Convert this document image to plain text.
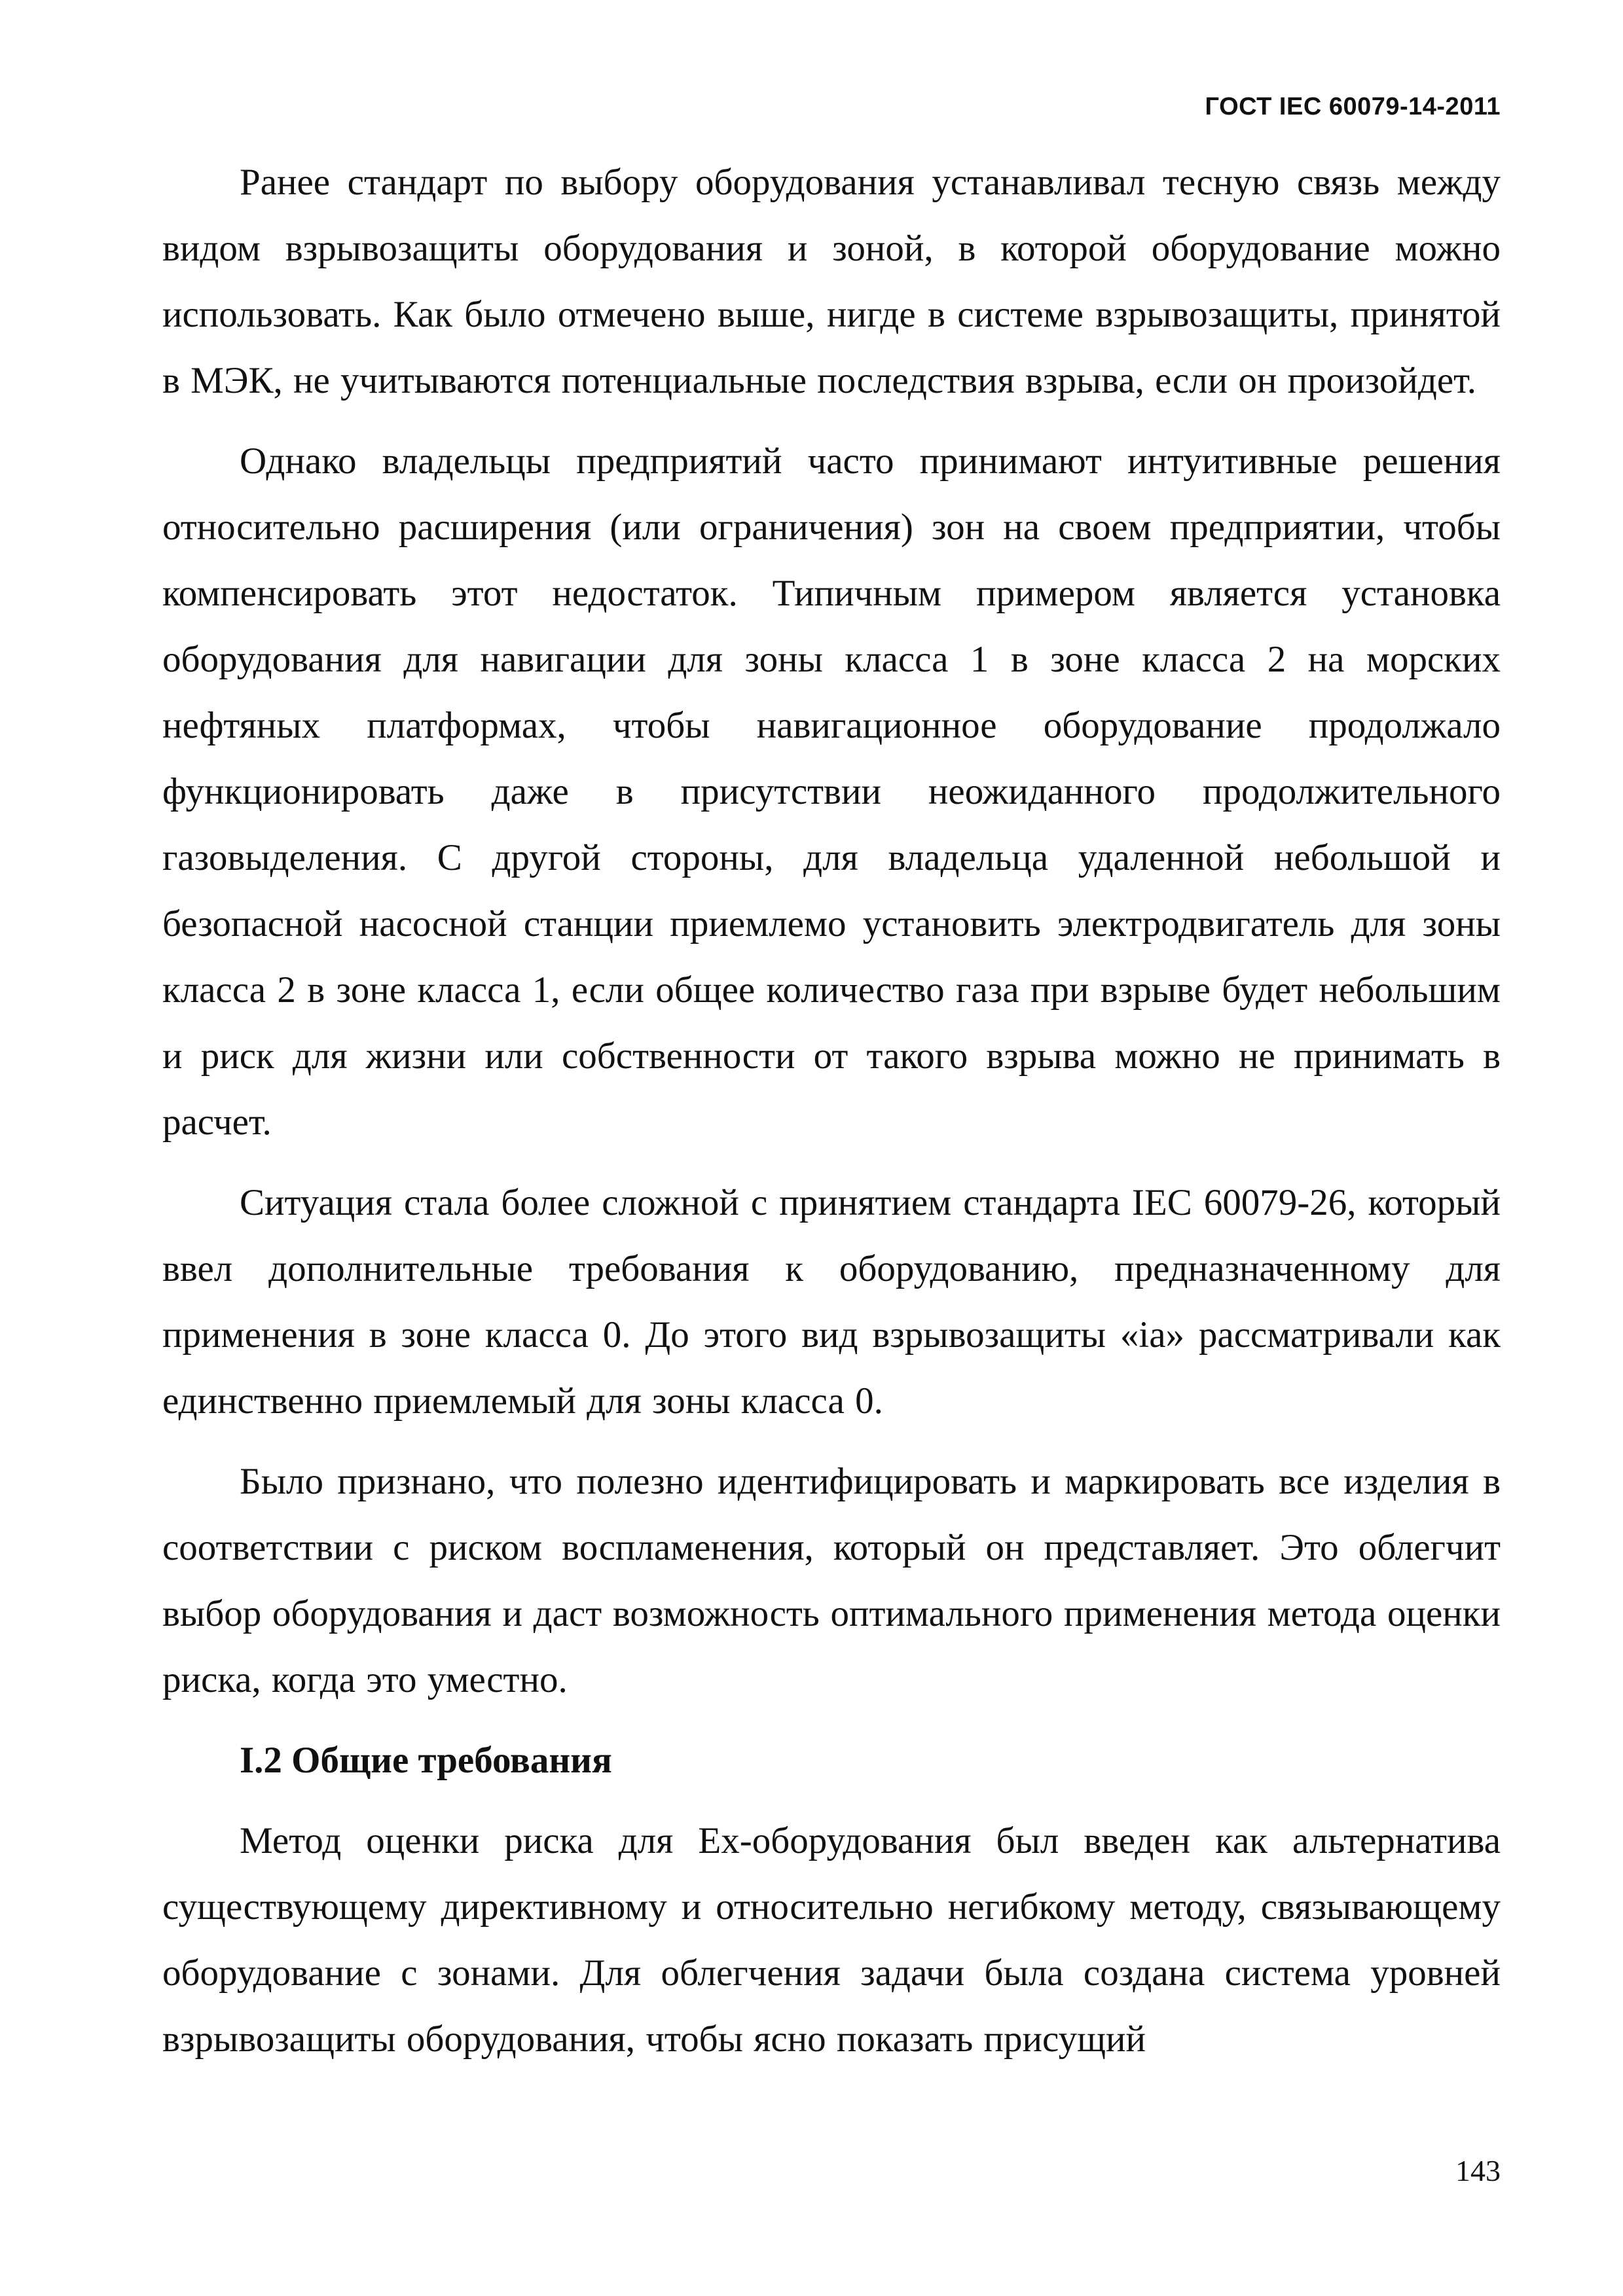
ГОСТ IEC 60079-14-2011

Ранее стандарт по выбору оборудования устанавливал тесную связь между видом взрывозащиты оборудования и зоной, в которой оборудование можно использовать. Как было отмечено выше, нигде в системе взрывозащиты, принятой в МЭК, не учитываются потенциальные последствия взрыва, если он произойдет.

Однако владельцы предприятий часто принимают интуитивные решения относительно расширения (или ограничения) зон на своем предприятии, чтобы компенсировать этот недостаток. Типичным примером является установка оборудования для навигации для зоны класса 1 в зоне класса 2 на морских нефтяных платформах, чтобы навигационное оборудование продолжало функционировать даже в присутствии неожиданного продолжительного газовыделения. С другой стороны, для владельца удаленной небольшой и безопасной насосной станции приемлемо установить электродвигатель для зоны класса 2 в зоне класса 1, если общее количество газа при взрыве будет небольшим и риск для жизни или собственности от такого взрыва можно не принимать в расчет.

Ситуация стала более сложной с принятием стандарта IEC 60079-26, который ввел дополнительные требования к оборудованию, предназначенному для применения в зоне класса 0. До этого вид взрывозащиты «ia» рассматривали как единственно приемлемый для зоны класса 0.

Было признано, что полезно идентифицировать и маркировать все изделия в соответствии с риском воспламенения, который он представляет. Это облегчит выбор оборудования и даст возможность оптимального применения метода оценки риска, когда это уместно.

I.2 Общие требования

Метод оценки риска для Ex-оборудования был введен как альтернатива существующему директивному и относительно негибкому методу, связывающему оборудование с зонами. Для облегчения задачи была создана система уровней взрывозащиты оборудования, чтобы ясно показать присущий

143
